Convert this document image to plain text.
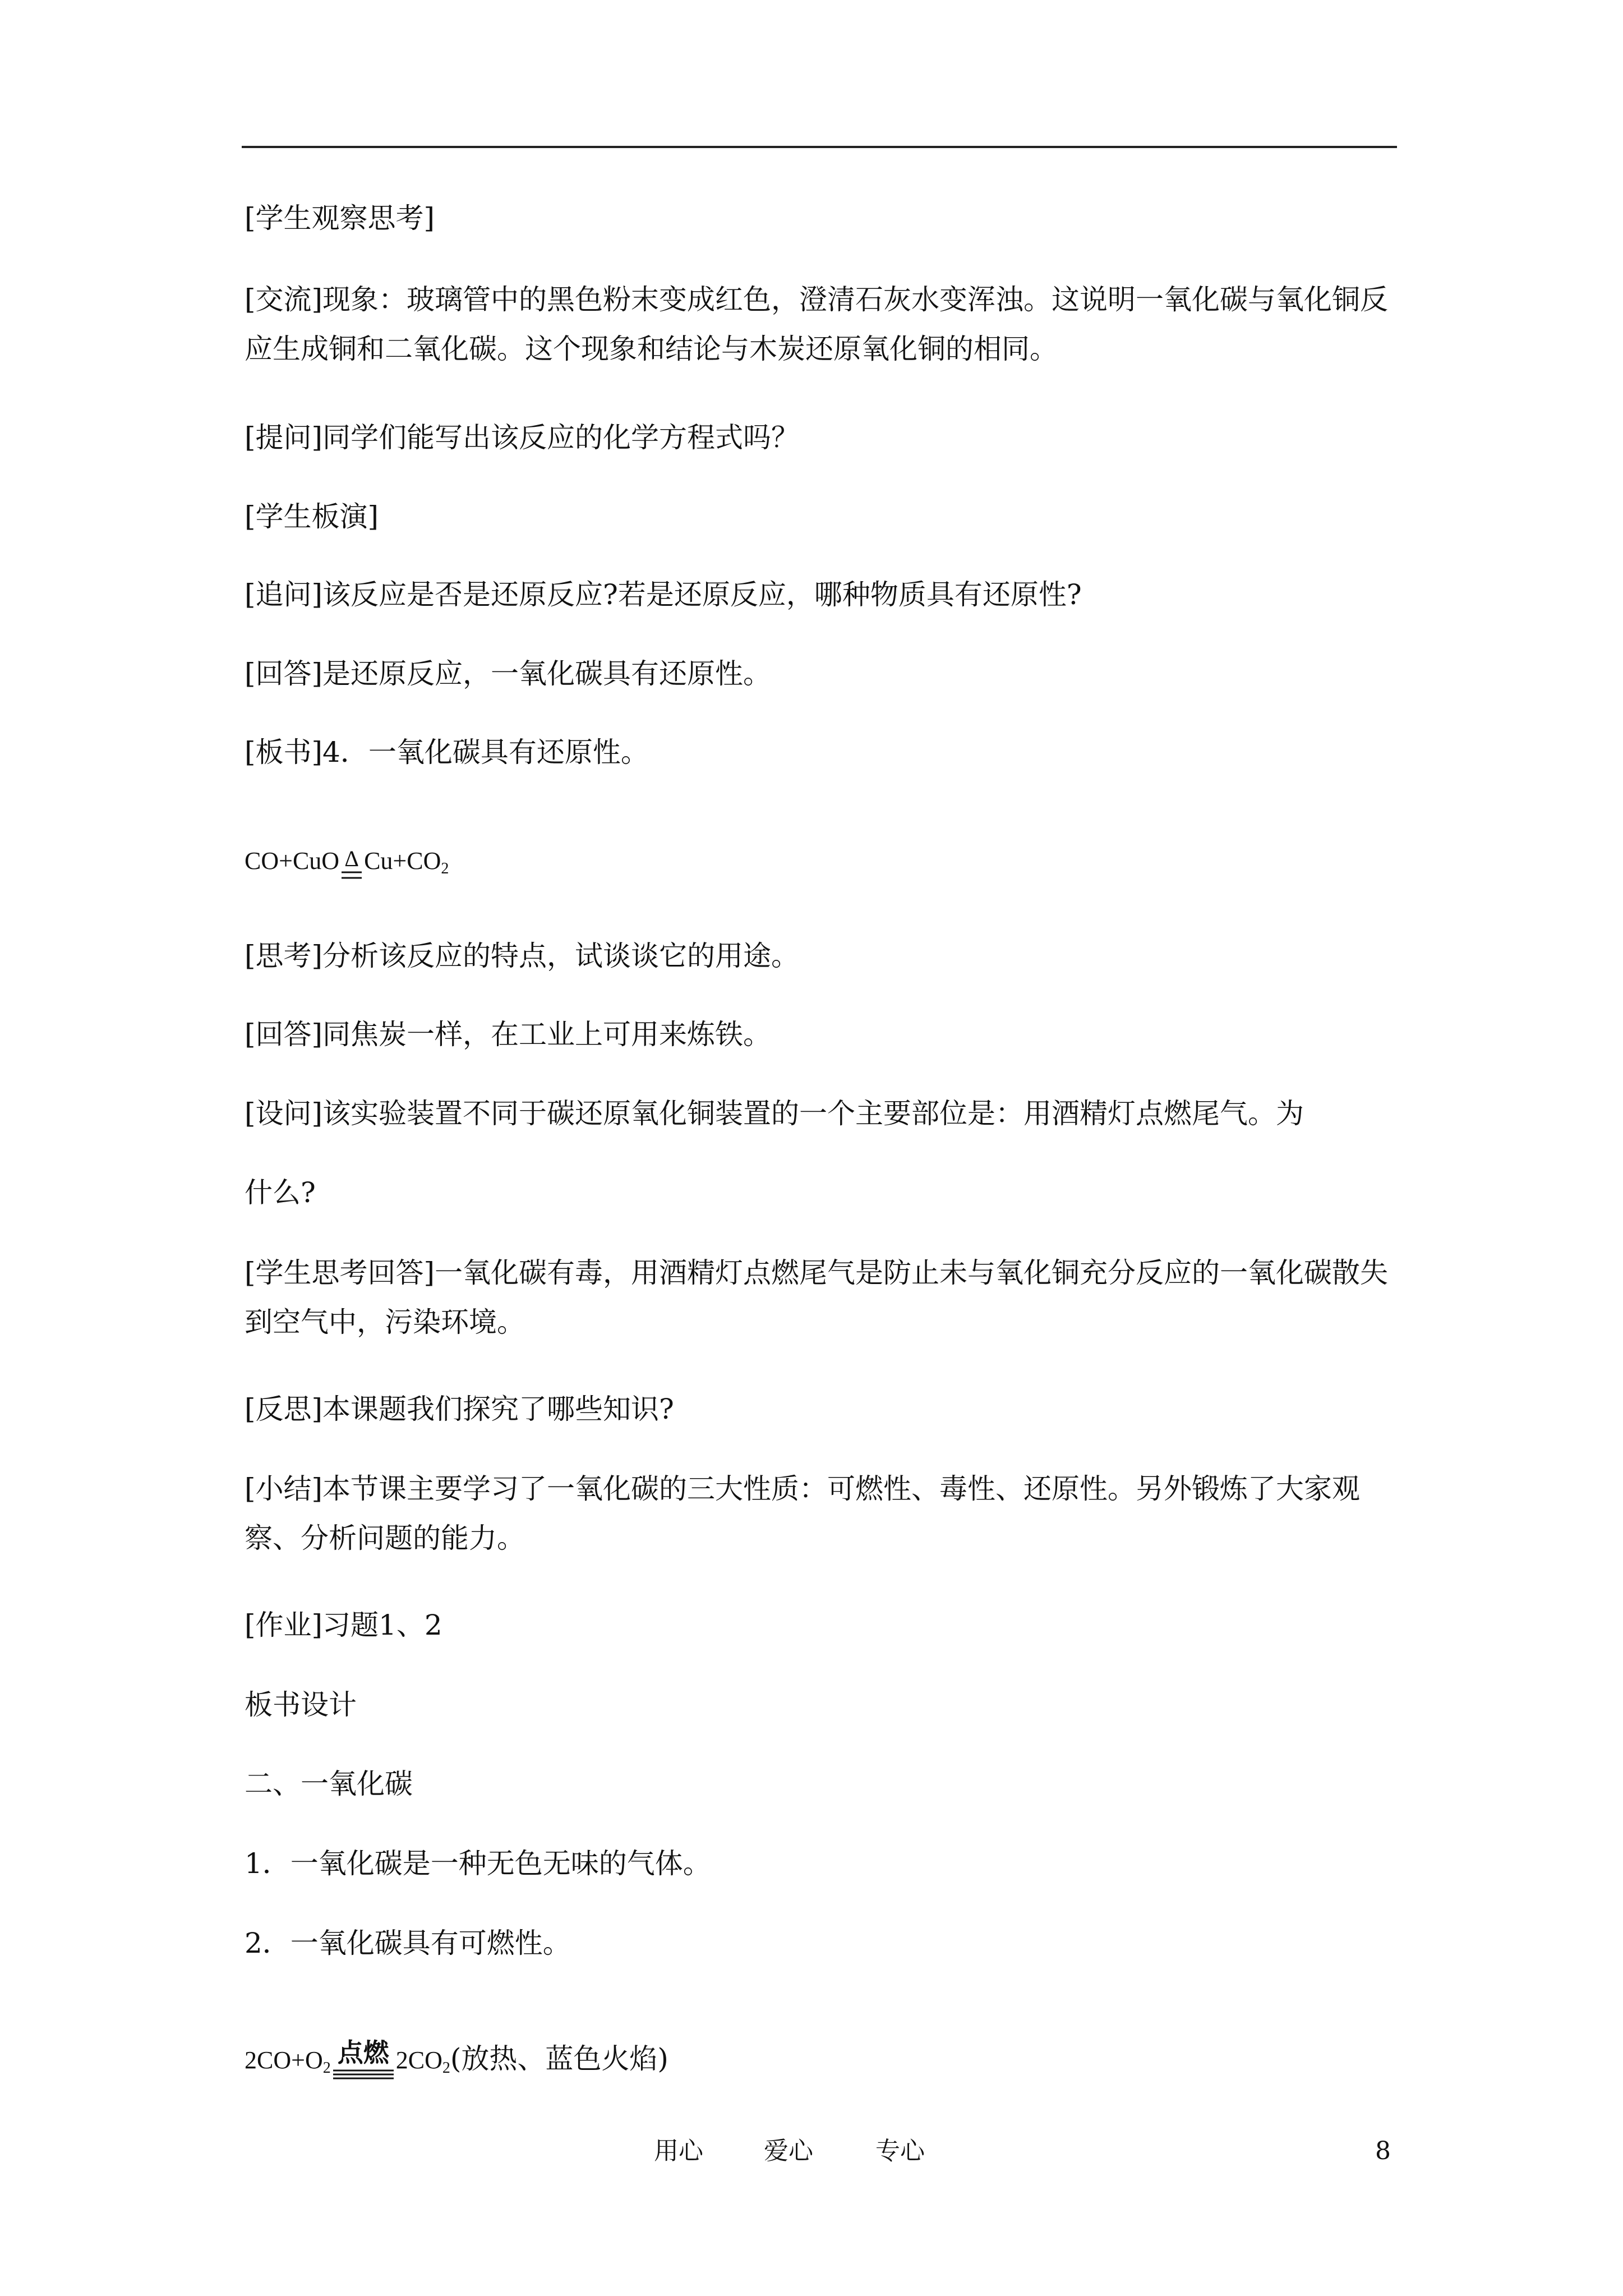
[学生观察思考]
[交流]现象：玻璃管中的黑色粉末变成红色，澄清石灰水变浑浊。这说明一氧化碳与氧化铜反应生成铜和二氧化碳。这个现象和结论与木炭还原氧化铜的相同。
[提问]同学们能写出该反应的化学方程式吗？
[学生板演]
[追问]该反应是否是还原反应?若是还原反应，哪种物质具有还原性?
[回答]是还原反应，一氧化碳具有还原性。
[板书]4．一氧化碳具有还原性。
CO+CuO Δ $Cu+CO_2$
[思考]分析该反应的特点，试谈谈它的用途。
[回答]同焦炭一样，在工业上可用来炼铁。
[设问]该实验装置不同于碳还原氧化铜装置的一个主要部位是：用酒精灯点燃尾气。为
什么?
[学生思考回答]一氧化碳有毒，用酒精灯点燃尾气是防止未与氧化铜充分反应的一氧化碳散失到空气中，污染环境。
[反思]本课题我们探究了哪些知识?
[小结]本节课主要学习了一氧化碳的三大性质：可燃性、毒性、还原性。另外锻炼了大家观察、分析问题的能力。
[作业]习题1、2
板书设计
二、一氧化碳
1．一氧化碳是一种无色无味的气体。
2．一氧化碳具有可燃性。
$2CO+O_2$
点燃 $2CO_2$(放热、蓝色火焰)
用心 爱心	专心	8
